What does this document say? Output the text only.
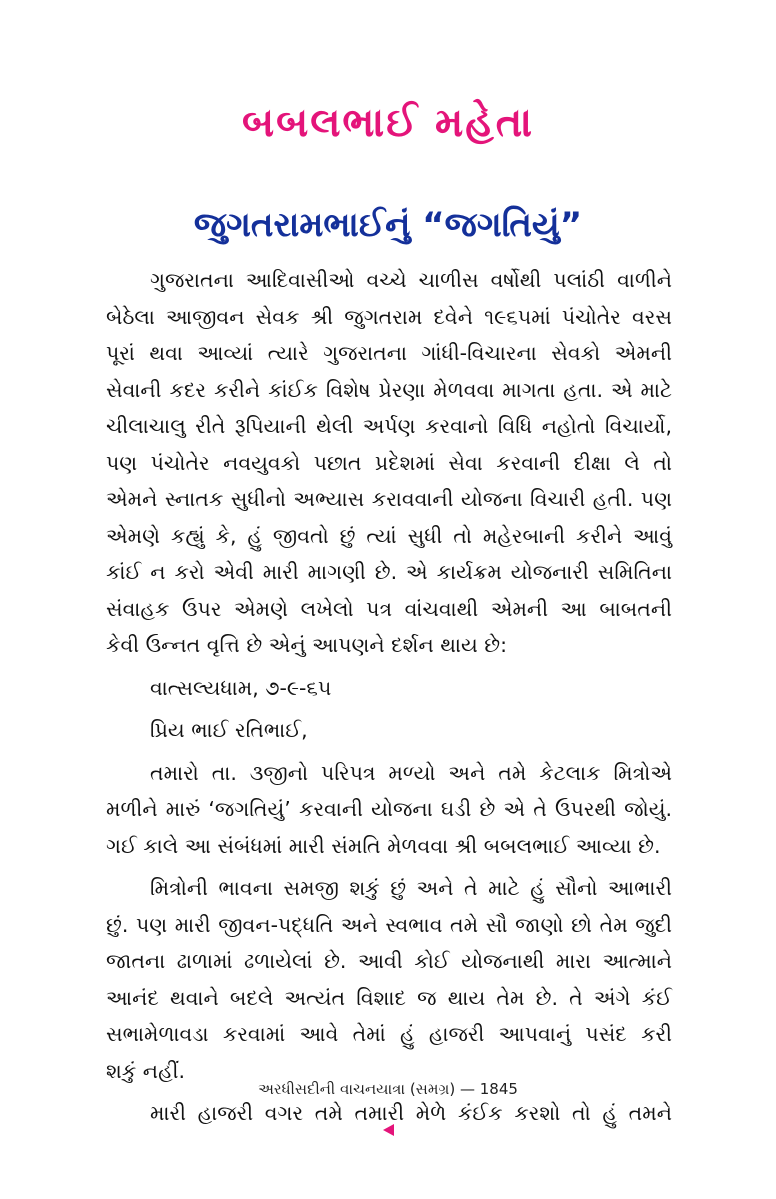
બબલભાઈ મહેતા
જુગતરામભાઈનું “જગતિયું”

ગુજરાતના આદિવાસીઓ વચ્ચે ચાળીસ વર્ષોથી પલાંઠી વાળીને

બેઠેલા આજીવન સેવક શ્રી જુગતરામ દવેને ૧૯૬૫માં પંચોતેર વરસ

પૂરાં થવા આવ્યાં ત્યારે ગુજરાતના ગાંધી-વિચારના સેવકો એમની

સેવાની કદર કરીને કાંઈક વિશેષ પ્રેરણા મેળવવા માગતા હતા. એ માટે

ચીલાચાલુ રીતે રૂપિયાની થેલી અર્પણ કરવાનો વિધિ નહોતો વિચાર્યો,

પણ પંચોતેર નવયુવકો પછાત પ્રદેશમાં સેવા કરવાની દીક્ષા લે તો

એમને સ્નાતક સુધીનો અભ્યાસ કરાવવાની યોજના વિચારી હતી. પણ

એમણે કહ્યું કે, હું જીવતો છું ત્યાં સુધી તો મહેરબાની કરીને આવું

કાંઈ ન કરો એવી મારી માગણી છે. એ કાર્યક્રમ યોજનારી સમિતિના

સંવાહક ઉપર એમણે લખેલો પત્ર વાંચવાથી એમની આ બાબતની

કેવી ઉન્નત વૃત્તિ છે એનું આપણને દર્શન થાય છે:

વાત્સલ્યધામ, ૭-૯-૬૫

પ્રિય ભાઈ રતિભાઈ,

તમારો તા. ૩જીનો પરિપત્ર મળ્યો અને તમે કેટલાક મિત્રોએ

મળીને મારું ‘જગતિયું’ કરવાની યોજના ઘડી છે એ તે ઉપરથી જોયું.

ગઈ કાલે આ સંબંધમાં મારી સંમતિ મેળવવા શ્રી બબલભાઈ આવ્યા છે.

મિત્રોની ભાવના સમજી શકું છું અને તે માટે હું સૌનો આભારી

છું. પણ મારી જીવન-પદ્ધતિ અને સ્વભાવ તમે સૌ જાણો છો તેમ જુદી

જાતના ઢાળામાં ઢળાયેલાં છે. આવી કોઈ યોજનાથી મારા આત્માને

આનંદ થવાને બદલે અત્યંત વિશાદ જ થાય તેમ છે. તે અંગે કંઈ

સભામેળાવડા કરવામાં આવે તેમાં હું હાજરી આપવાનું પસંદ કરી

શકું નહીં.

મારી હાજરી વગર તમે તમારી મેળે કંઈક કરશો તો હું તમને

અરધીસદીની વાચનયાત્રા (સમગ્ર) — 1845
